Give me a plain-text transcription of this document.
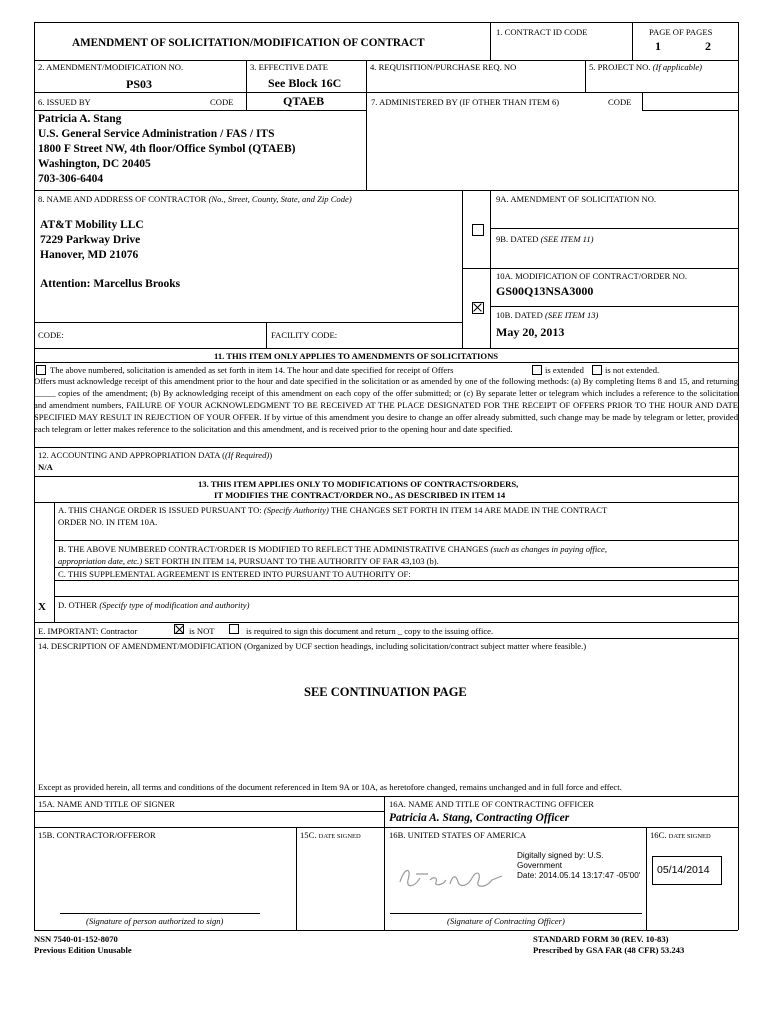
AMENDMENT OF SOLICITATION/MODIFICATION OF CONTRACT
1. CONTRACT ID CODE	PAGE OF PAGES
1	2
2. AMENDMENT/MODIFICATION NO.
PS03
3. EFFECTIVE DATE
See Block 16C
4. REQUISITION/PURCHASE REQ. NO	5. PROJECT NO. (If applicable)
6. ISSUED BY	CODE	QTAEB	7. ADMINISTERED BY (IF OTHER THAN ITEM 6)	CODE
Patricia A. Stang
U.S. General Service Administration / FAS / ITS
1800 F Street NW, 4th floor/Office Symbol (QTAEB)
Washington, DC 20405
703-306-6404
8. NAME AND ADDRESS OF CONTRACTOR (No., Street, County, State, and Zip Code)
AT&T Mobility LLC
7229 Parkway Drive
Hanover, MD 21076
Attention: Marcellus Brooks
CODE:	FACILITY CODE:
9A. AMENDMENT OF SOLICITATION NO.
9B. DATED (SEE ITEM 11)
10A. MODIFICATION OF CONTRACT/ORDER NO.
GS00Q13NSA3000
10B. DATED (SEE ITEM 13)
May 20, 2013
11. THIS ITEM ONLY APPLIES TO AMENDMENTS OF SOLICITATIONS
The above numbered, solicitation is amended as set forth in item 14. The hour and date specified for receipt of Offers	is extended is not extended.
Offers must acknowledge receipt of this amendment prior to the hour and date specified in the solicitation or as amended by one of the following methods: (a) By completing Items 8 and 15, and returning _____ copies of the amendment; (b) By acknowledging receipt of this amendment on each copy of the offer submitted; or (c) By separate letter or telegram which includes a reference to the solicitation and amendment numbers, FAILURE OF YOUR ACKNOWLEDGMENT TO BE RECEIVED AT THE PLACE DESIGNATED FOR THE RECEIPT OF OFFERS PRIOR TO THE HOUR AND DATE SPECIFIED MAY RESULT IN REJECTION OF YOUR OFFER. If by virtue of this amendment you desire to change an offer already submitted, such change may be made by telegram or letter, provided each telegram or letter makes reference to the solicitation and this amendment, and is received prior to the opening hour and date specified.
12. ACCOUNTING AND APPROPRIATION DATA ((If Required))
N/A
13. THIS ITEM APPLIES ONLY TO MODIFICATIONS OF CONTRACTS/ORDERS,
IT MODIFIES THE CONTRACT/ORDER NO., AS DESCRIBED IN ITEM 14
A. THIS CHANGE ORDER IS ISSUED PURSUANT TO: (Specify Authority) THE CHANGES SET FORTH IN ITEM 14 ARE MADE IN THE CONTRACT
ORDER NO. IN ITEM 10A.
B. THE ABOVE NUMBERED CONTRACT/ORDER IS MODIFIED TO REFLECT THE ADMINISTRATIVE CHANGES (such as changes in paying office,
appropriation date, etc.) SET FORTH IN ITEM 14, PURSUANT TO THE AUTHORITY OF FAR 43,103 (b).
C. THIS SUPPLEMENTAL AGREEMENT IS ENTERED INTO PURSUANT TO AUTHORITY OF:
X D. OTHER (Specify type of modification and authority)
E. IMPORTANT: Contractor	is NOT	is required to sign this document and return _ copy to the issuing office.
14. DESCRIPTION OF AMENDMENT/MODIFICATION (Organized by UCF section headings, including solicitation/contract subject matter where feasible.)
SEE CONTINUATION PAGE
Except as provided herein, all terms and conditions of the document referenced in Item 9A or 10A, as heretofore changed, remains unchanged and in full force and effect.
15A. NAME AND TITLE OF SIGNER	16A. NAME AND TITLE OF CONTRACTING OFFICER
Patricia A. Stang, Contracting Officer
15B. CONTRACTOR/OFFEROR	15C. DATE SIGNED	16B. UNITED STATES OF AMERICA	16C. DATE SIGNED
Digitally signed by: U.S.
Government
Date: 2014.05.14 13:17:47 -05'00' 05/14/2014
(Signature of person authorized to sign)	(Signature of Contracting Officer)
NSN 7540-01-152-8070
Previous Edition Unusable
STANDARD FORM 30 (REV. 10-83)
Prescribed by GSA FAR (48 CFR) 53.243
